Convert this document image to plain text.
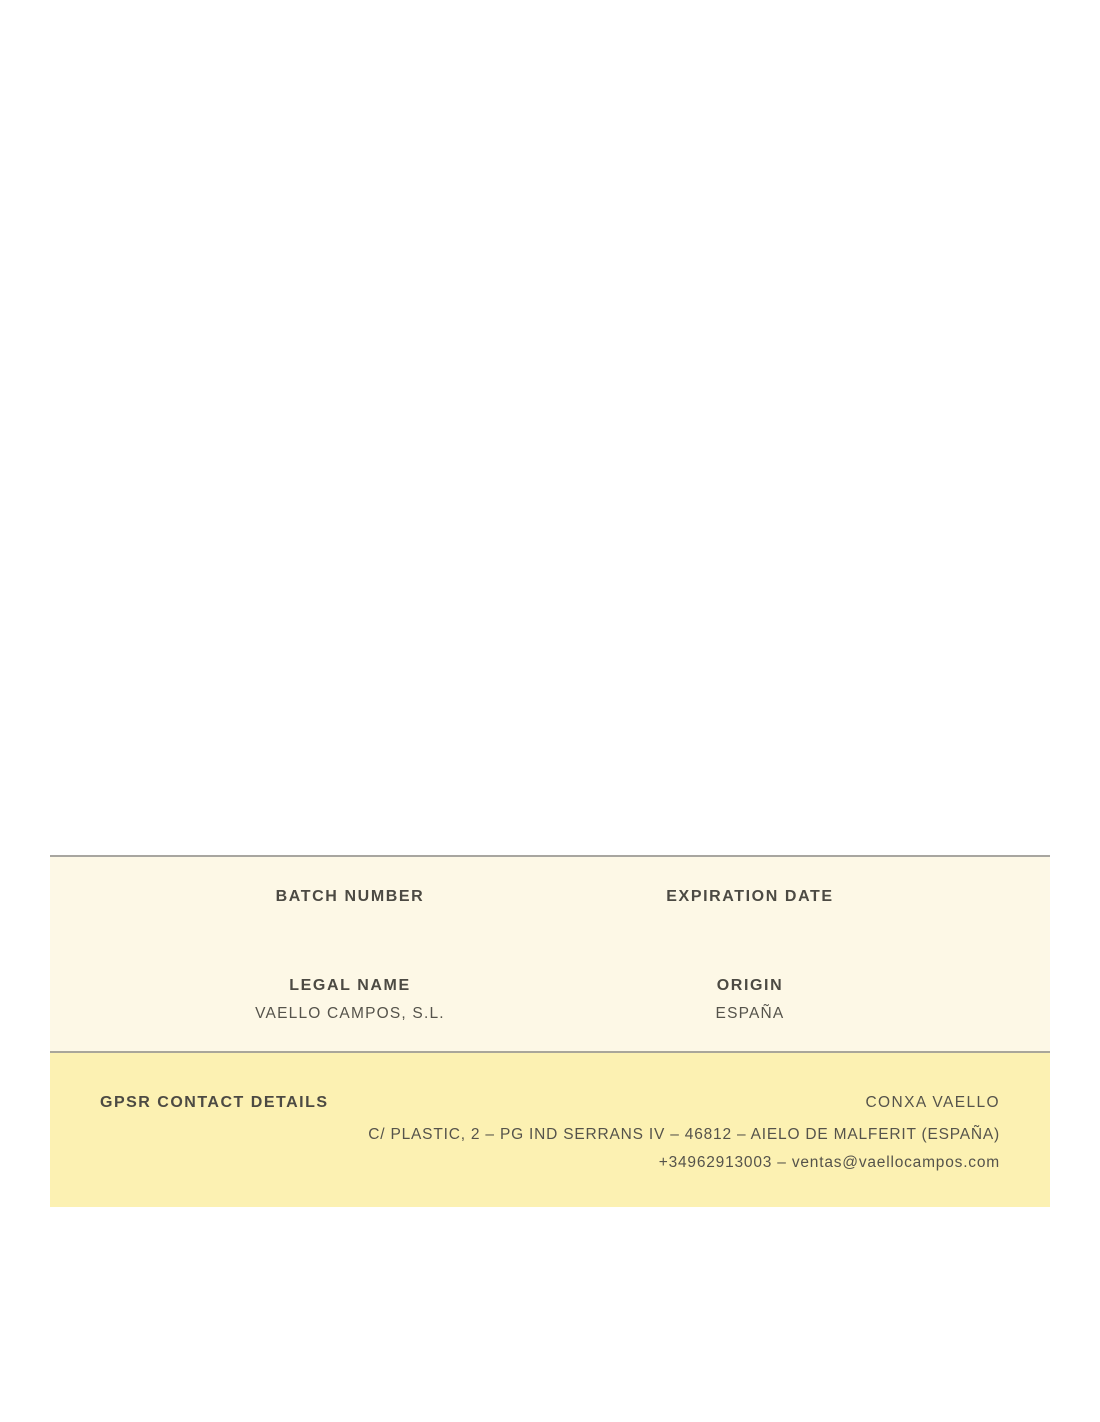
BATCH NUMBER
LEGAL NAME
VAELLO CAMPOS, S.L.
EXPIRATION DATE
ORIGIN
ESPAÑA
GPSR CONTACT DETAILS	CONXA VAELLO
C/ PLASTIC, 2 – PG IND SERRANS IV – 46812 – AIELO DE MALFERIT (ESPAÑA)
+34962913003 – ventas@vaellocampos.com
